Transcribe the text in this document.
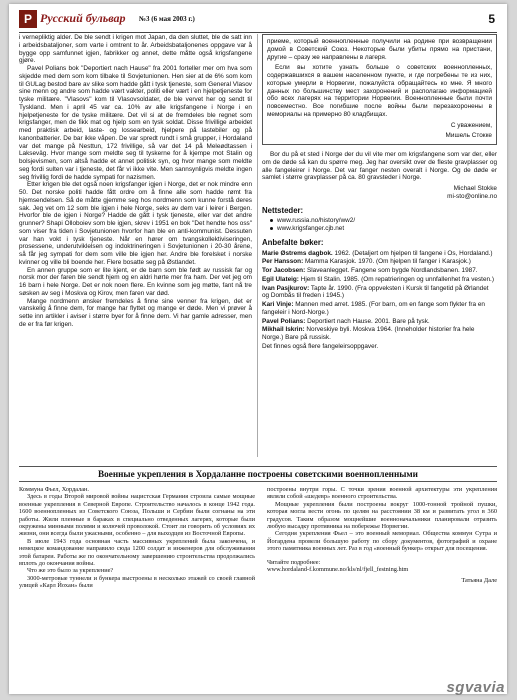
P Русский бульвар №3 (6 мая 2003 г.)	5

i vernepliktig alder. De ble sendt i krigen mot Japan, da den sluttet, ble de satt inn i arbeidsbataljoner, som varte i omtrent to år. Arbeidsbataljonenes oppgave var å bygge opp samfunnet igjen, fabrikker og annet, dette måtte også krigsfangene gjøre.

Pavel Polians bok "Deportiert nach Hause" fra 2001 forteller mer om hva som skjedde med dem som kom tilbake til Sovjetunionen. Hen sier at de 6% som kom til GULag bestod bare av slike som hadde gått i tysk tjeneste, som General Vlasov sine menn og andre som hadde vært vakter, politi eller vært i en hjelpetjeneste for tyske militære. "Vlasovs" kom til Vlasovsoldater, de ble vervet her og sendt til Tyskland. Men i april 45 var ca. 10% av alle krigsfangene i Norge i en hjelpetjeneste for de tyske militære. Det vil si at de fremdeles ble regnet som krigsfanger, men de fikk mat og hjelp som en tysk soldat. Disse frivillige arbeidet med praktisk arbeid, laste- og lossearbeid, hjelpere på lastebiler og på kanonbatterier. De bar ikke våpen. De var spredt rundt i små grupper, i Hordaland var det mange på Nesttun, 172 frivillige, så var det 14 på Meleødtassen i Lakseväg. Hvor mange som meldte seg til tyskerne for å kjempe mot Stalin og bolsjevismen, som altså hadde et annet politisk syn, og hvor mange som meldte seg fordi sulten var i tjeneste, det får vi ikke vite. Men sannsynligvis meldte ingen seg frivillig fordi de hadde sympati for nazismen.

Etter krigen ble det også noen krigsfanger igjen i Norge, det er nok mindre enn 50. Det norske politi hadde fått ordre om å finne alle som hadde rømt fra hjemsendelsen. Så de måtte gjemme seg hos nordmenn som kunne forstå deres sak. Jeg vet om 12 som ble igjen i hele Norge, seks av dem var i leirer i Bergen. Hvorfor ble de igjen i Norge? Hadde de gått i tysk tjeneste, eller var det andre grunner? Shapi Olloboiev som ble igjen, skrev i 1951 en bok "Det hendte hos oss" som viser fra tiden i Sovjetunionen hvorfor han ble en anti-kommunist. Dessuten var han vokt i tysk tjeneste. Når en hører om tvangskollektiviseringen, prosessene, underutviklelsen og indoktrineringen i Sovjetunionen i 20-30 årene, så får jeg sympati for dem som ville ble igjen her. Andre ble forelsket i norske kvinner og ville bli boende her. Flere bosatte seg på Østlandet.

En annen gruppe som er lite kjent, er de barn som ble født av russisk far og norsk mor der faren ble sendt hjem og en aldri hørte mer fra ham. Der vet jeg om 16 barn i hele Norge. Det er nok noen flere. En kvinne som jeg møtte, fant nå tre søsken av seg i Moskva og Kirov, men faren var død.

Mange nordmenn ønsker fremdeles å finne sine venner fra krigen, det er vanskelig å finne dem, for mange har flyttet og mange er døde. Men vi prøver å sette inn artikler i aviser i større byer for å finne dem. Vi har gamle adresser, men de er fra før krigen.

приеме, который военнопленные получили на родине при возвращении домой в Советский Союз. Некоторые были убиты прямо на пристани, другие – сразу же направлены в лагеря.

Если вы хотите узнать больше о советских военнопленных, содержавшихся в вашем населенном пункте, и где погребены те из них, которые умерли в Норвегии, пожалуйста обращайтесь ко мне. Я много данных по большинству мест захоронений и располагаю информацией обо всех лагерях на территории Норвегии. Военнопленные были почти повсеместно. Все погибшие после войны были перезахоронены в мемориалы на примерно 80 кладбищах.

С уважением,

Мишель Стокке

Bor du på et sted i Norge der du vil vite mer om krigsfangene som var der, eller om de døde så kan du spørre meg. Jeg har oversikt over de fleste gravplasser og alle fangeleirer i Norge. Det var fanger nesten overalt i Norge. Og de døde er samlet i større gravplasser på ca. 80 gravsteder i Norge.

Michael Stokke

mi-sto@online.no

Nettsteder:
www.russia.no/history/ww2/
www.krigsfanger.cjb.net
Anbefalte bøker:

Marie Østrems dagbok. 1962. (Detaljert om hjelpen til fangene i Os, Hordaland.)

Per Hansson: Mamma Karasjok. 1970. (Om hjelpen til fanger i Karasjok.)

Tor Jacobsen: Slaveanlegget. Fangene som bygde Nordlandsbanen. 1987.

Egil Ulateig: Hjem til Stalin. 1985. (Om repatrieringen og unnfallenhet fra vesten.)

Ivan Pasjkurov: Tapte år. 1990. (Fra oppveksten i Kursk til fangetid på Ørlandet og Dombås til freden i 1945.)

Kari Vinje: Mannen med arret. 1985. (For barn, om en fange som flykter fra en fangeleir i Nord-Norge.)

Pavel Polians: Deportiert nach Hause. 2001. Bare på tysk.

Mikhail Iskrin: Norveskiye byli. Moskva 1964. (Inneholder historier fra hele Norge.) Bare på russisk.

Det finnes også flere fangeleirsoppgaver.

Военные укрепления в Хордаланне построены советскими военнопленными

Коммуна Фьел, Хордалан.

Здесь в годы Второй мировой войны нацистская Германия строила самые мощные военные укрепления в Северной Европе. Строительство началось в конце 1942 года. 1600 военнопленных из Советского Союза, Польши и Сербии были согнаны на эти работы. Жили пленные в бараках в специально отведенных лагерях, которые были окружены минными полями и колючей проволокой. Стоит ли говорить об условиях их жизни, они всегда были ужасными, особенно – для выходцев из Восточной Европы.

В июле 1943 года основная часть массивных укреплений была закончена, и немецкое командование направило сюда 1200 солдат и инженеров для обслуживания этой батареи. Работы же по окончательному завершению строительства продолжались вплоть до окончания войны.

Что же это было за укрепление?

3000-метровые туннели и бункера выстроены в несколько этажей со своей главной улицей «Карл Йохан» были

построены внутри горы. С точки зрения военной архитектуры эти укрепления являли собой «шедевр» военного строительства.

Мощные укрепления были построены вокруг 1000-тонной тройной пушки, которая могла вести огонь по целям на расстоянии 38 км и развитать угол в 360 градусов. Таким образом мощнейшие военноначальники планировали отразить любую высадку противника на побережье Норвегии.

Сегодня укрепления Фьел – это военный мемориал. Общества коммун Сутра и Йогардена провели большую работу по сбору документов, фотографий и охране этого памятника военных лет. Раз в год «военный бункер» открыт для посещения.

Читайте подробнее:

www.hordaland-f.kommune.no/kls/nl/fjell_festning.htm

Татьяна Дале

sgvavia
